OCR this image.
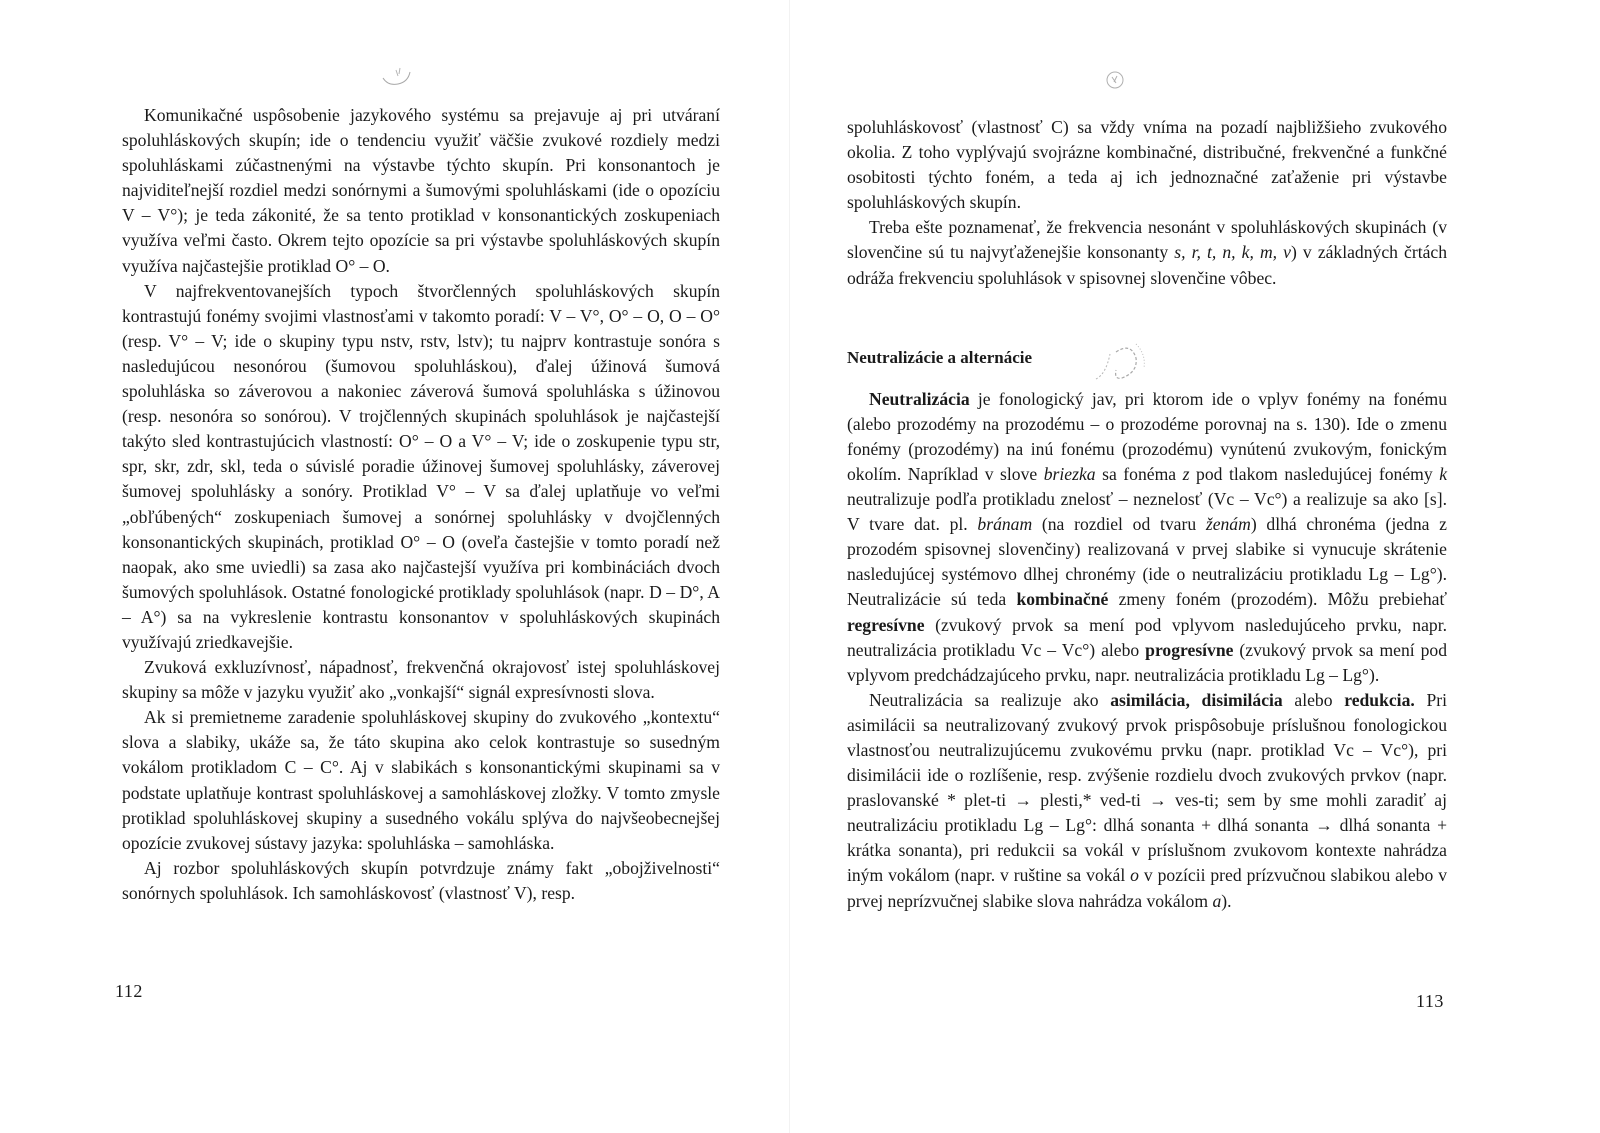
Komunikačné uspôsobenie jazykového systému sa prejavuje aj pri utváraní spoluhláskových skupín; ide o tendenciu využiť väčšie zvukové rozdiely medzi spoluhláskami zúčastnenými na výstavbe týchto skupín. Pri konsonantoch je najviditeľnejší rozdiel medzi sonórnymi a šumovými spoluhláskami (ide o opozíciu V – V°); je teda zákonité, že sa tento protiklad v konsonantických zoskupeniach využíva veľmi často. Okrem tejto opozície sa pri výstavbe spoluhláskových skupín využíva najčastejšie protiklad O° – O.

V najfrekventovanejších typoch štvorčlenných spoluhláskových skupín kontrastujú fonémy svojimi vlastnosťami v takomto poradí: V – V°, O° – O, O – O° (resp. V° – V; ide o skupiny typu nstv, rstv, lstv); tu najprv kontrastuje sonóra s nasledujúcou nesonórou (šumovou spoluhláskou), ďalej úžinová šumová spoluhláska so záverovou a nakoniec záverová šumová spoluhláska s úžinovou (resp. nesonóra so sonórou). V trojčlenných skupinách spoluhlások je najčastejší takýto sled kontrastujúcich vlastností: O° – O a V° – V; ide o zoskupenie typu str, spr, skr, zdr, skl, teda o súvislé poradie úžinovej šumovej spoluhlásky, záverovej šumovej spoluhlásky a sonóry. Protiklad V° – V sa ďalej uplatňuje vo veľmi „obľúbených“ zoskupeniach šumovej a sonórnej spoluhlásky v dvojčlenných konsonantických skupinách, protiklad O° – O (oveľa častejšie v tomto poradí než naopak, ako sme uviedli) sa zasa ako najčastejší využíva pri kombináciách dvoch šumových spoluhlások. Ostatné fonologické protiklady spoluhlások (napr. D – D°, A – A°) sa na vykreslenie kontrastu konsonantov v spoluhláskových skupinách využívajú zriedkavejšie.

Zvuková exkluzívnosť, nápadnosť, frekvenčná okrajovosť istej spoluhláskovej skupiny sa môže v jazyku využiť ako „vonkajší“ signál expresívnosti slova.

Ak si premietneme zaradenie spoluhláskovej skupiny do zvukového „kontextu“ slova a slabiky, ukáže sa, že táto skupina ako celok kontrastuje so susedným vokálom protikladom C – C°. Aj v slabikách s konsonantickými skupinami sa v podstate uplatňuje kontrast spoluhláskovej a samohláskovej zložky. V tomto zmysle protiklad spoluhláskovej skupiny a susedného vokálu splýva do najvšeobecnejšej opozície zvukovej sústavy jazyka: spoluhláska – samohláska.

Aj rozbor spoluhláskových skupín potvrdzuje známy fakt „obojživelnosti“ sonórnych spoluhlások. Ich samohláskovosť (vlastnosť V), resp.

112

spoluhláskovosť (vlastnosť C) sa vždy vníma na pozadí najbližšieho zvukového okolia. Z toho vyplývajú svojrázne kombinačné, distribučné, frekvenčné a funkčné osobitosti týchto foném, a teda aj ich jednoznačné zaťaženie pri výstavbe spoluhláskových skupín.

Treba ešte poznamenať, že frekvencia nesonánt v spoluhláskových skupinách (v slovenčine sú tu najvyťaženejšie konsonanty s, r, t, n, k, m, v) v základných črtách odráža frekvenciu spoluhlások v spisovnej slovenčine vôbec.

Neutralizácie a alternácie

Neutralizácia je fonologický jav, pri ktorom ide o vplyv fonémy na fonému (alebo prozodémy na prozodému – o prozodéme porovnaj na s. 130). Ide o zmenu fonémy (prozodémy) na inú fonému (prozodému) vynútenú zvukovým, fonickým okolím. Napríklad v slove briezka sa fonéma z pod tlakom nasledujúcej fonémy k neutralizuje podľa protikladu znelosť – neznelosť (Vc – Vc°) a realizuje sa ako [s]. V tvare dat. pl. bránam (na rozdiel od tvaru ženám) dlhá chronéma (jedna z prozodém spisovnej slovenčiny) realizovaná v prvej slabike si vynucuje skrátenie nasledujúcej systémovo dlhej chronémy (ide o neutralizáciu protikladu Lg – Lg°). Neutralizácie sú teda kombinačné zmeny foném (prozodém). Môžu prebiehať regresívne (zvukový prvok sa mení pod vplyvom nasledujúceho prvku, napr. neutralizácia protikladu Vc – Vc°) alebo progresívne (zvukový prvok sa mení pod vplyvom predchádzajúceho prvku, napr. neutralizácia protikladu Lg – Lg°).

Neutralizácia sa realizuje ako asimilácia, disimilácia alebo redukcia. Pri asimilácii sa neutralizovaný zvukový prvok prispôsobuje príslušnou fonologickou vlastnosťou neutralizujúcemu zvukovému prvku (napr. protiklad Vc – Vc°), pri disimilácii ide o rozlíšenie, resp. zvýšenie rozdielu dvoch zvukových prvkov (napr. praslovanské * plet-ti → plesti,* ved-ti → ves-ti; sem by sme mohli zaradiť aj neutralizáciu protikladu Lg – Lg°: dlhá sonanta + dlhá sonanta → dlhá sonanta + krátka sonanta), pri redukcii sa vokál v príslušnom zvukovom kontexte nahrádza iným vokálom (napr. v ruštine sa vokál o v pozícii pred prízvučnou slabikou alebo v prvej neprízvučnej slabike slova nahrádza vokálom a).

113
